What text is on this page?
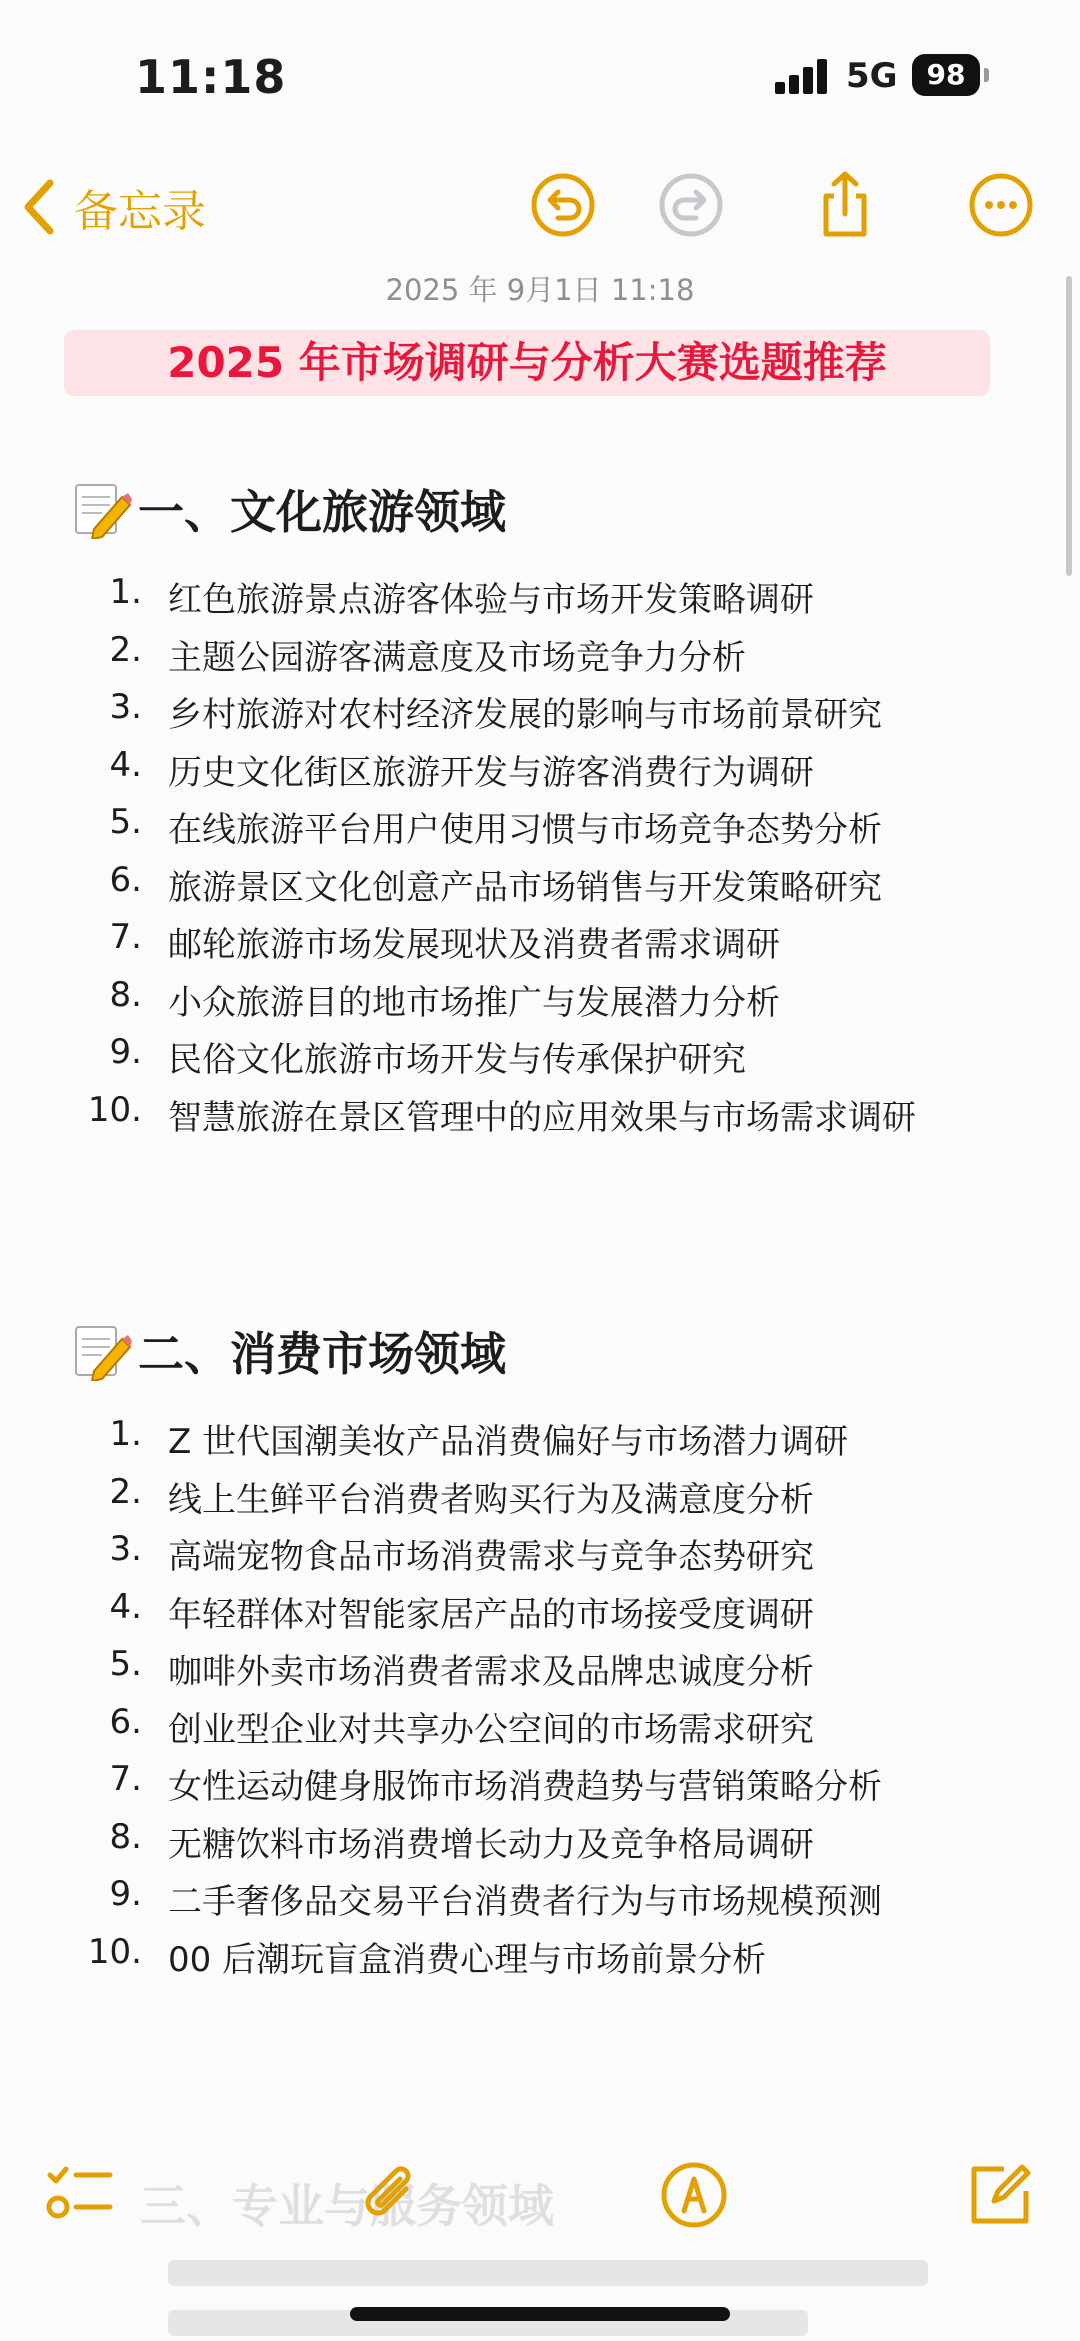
11:18	5G	98
备忘录
2025 年 9月1日 11:18
2025 年市场调研与分析大赛选题推荐
一、文化旅游领域
1. 红色旅游景点游客体验与市场开发策略调研
2. 主题公园游客满意度及市场竞争力分析
3. 乡村旅游对农村经济发展的影响与市场前景研究
4. 历史文化街区旅游开发与游客消费行为调研
5. 在线旅游平台用户使用习惯与市场竞争态势分析
6. 旅游景区文化创意产品市场销售与开发策略研究
7. 邮轮旅游市场发展现状及消费者需求调研
8. 小众旅游目的地市场推广与发展潜力分析
9. 民俗文化旅游市场开发与传承保护研究
10. 智慧旅游在景区管理中的应用效果与市场需求调研
二、消费市场领域
1. Z 世代国潮美妆产品消费偏好与市场潜力调研
2. 线上生鲜平台消费者购买行为及满意度分析
3. 高端宠物食品市场消费需求与竞争态势研究
4. 年轻群体对智能家居产品的市场接受度调研
5. 咖啡外卖市场消费者需求及品牌忠诚度分析
6. 创业型企业对共享办公空间的市场需求研究
7. 女性运动健身服饰市场消费趋势与营销策略分析
8. 无糖饮料市场消费增长动力及竞争格局调研
9. 二手奢侈品交易平台消费者行为与市场规模预测
10. 00 后潮玩盲盒消费心理与市场前景分析
三、专业与服务领域
